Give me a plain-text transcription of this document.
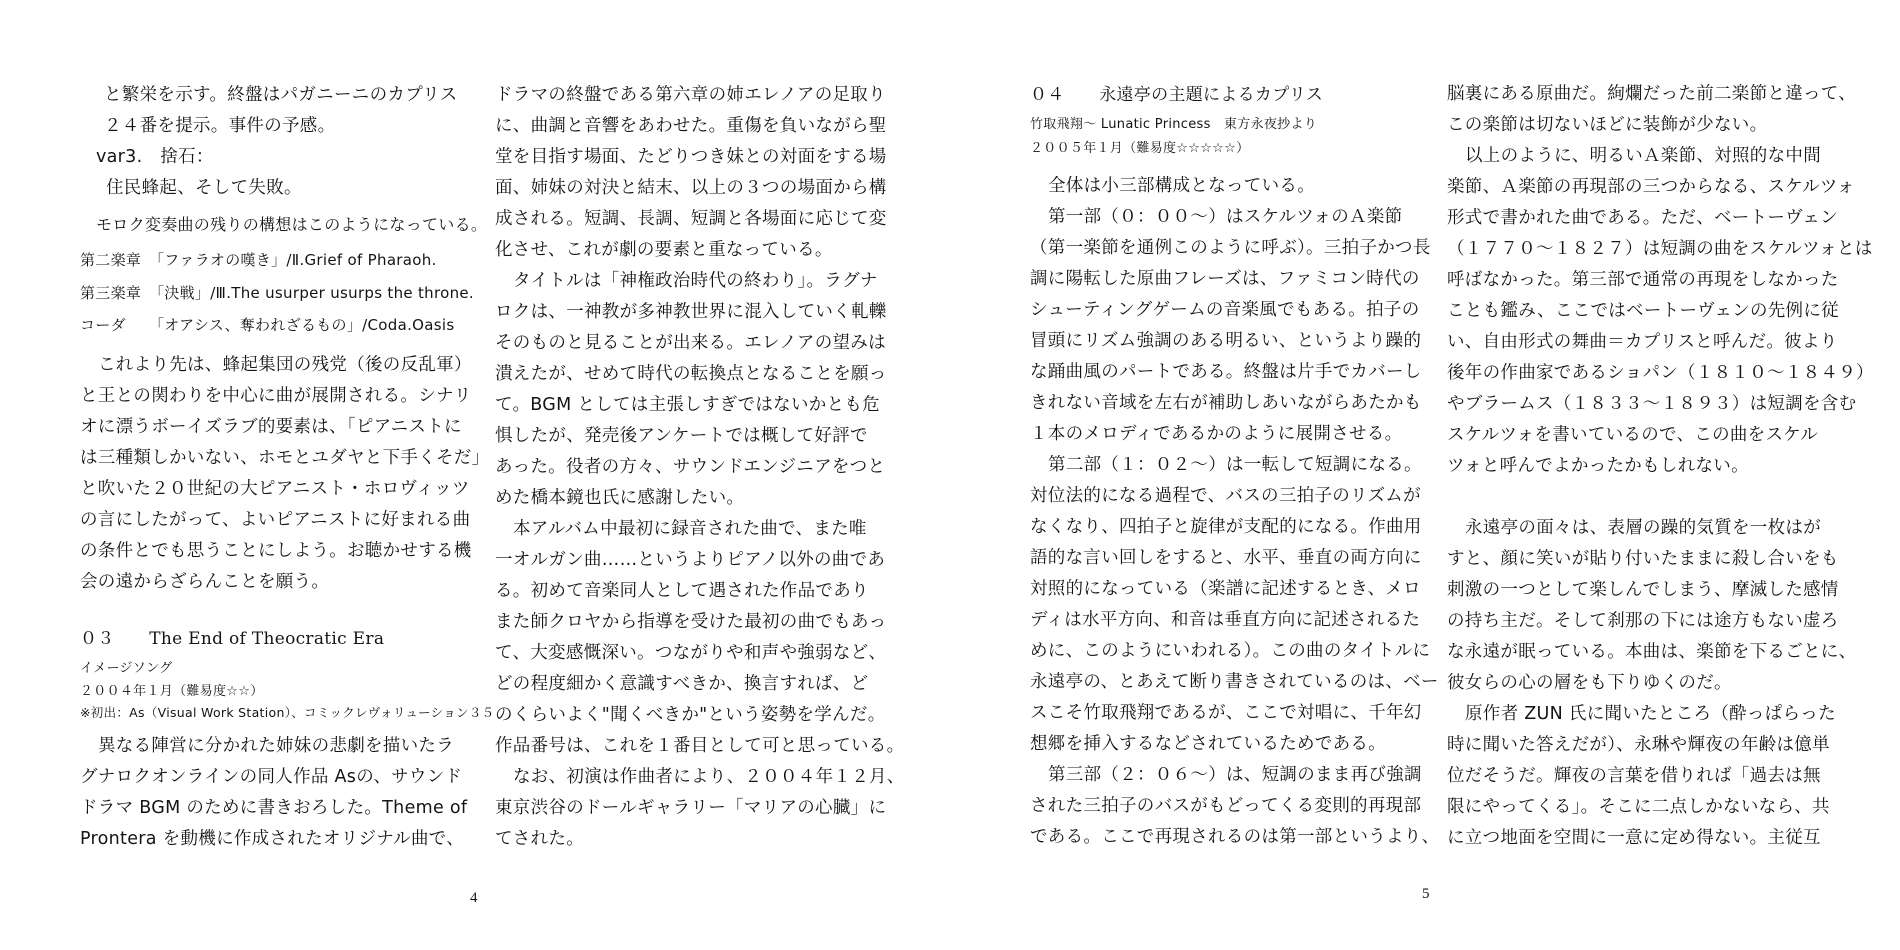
と繁栄を示す。終盤はパガニーニのカプリス
２４番を提示。事件の予感。
var3.　捨石：
住民蜂起、そして失敗。
モロク変奏曲の残りの構想はこのようになっている。
第二楽章　「ファラオの嘆き」/Ⅱ.Grief of Pharaoh.
第三楽章　「決戦」/Ⅲ.The usurper usurps the throne.
コーダ　　「オアシス、奪われざるもの」/Coda.Oasis
これより先は、蜂起集団の残党（後の反乱軍）
と王との関わりを中心に曲が展開される。シナリ
オに漂うボーイズラブ的要素は、「ピアニストに
は三種類しかいない、ホモとユダヤと下手くそだ」
と吹いた２０世紀の大ピアニスト・ホロヴィッツ
の言にしたがって、よいピアニストに好まれる曲
の条件とでも思うことにしよう。お聴かせする機
会の遠からざらんことを願う。
０３　　The End of Theocratic Era
イメージソング
２００４年１月（難易度☆☆）
※初出：As（Visual Work Station）、コミックレヴォリューション３５
異なる陣営に分かれた姉妹の悲劇を描いたラ
グナロクオンラインの同人作品 Asの、サウンド
ドラマ BGM のために書きおろした。Theme of
Prontera を動機に作成されたオリジナル曲で、
ドラマの終盤である第六章の姉エレノアの足取り
に、曲調と音響をあわせた。重傷を負いながら聖
堂を目指す場面、たどりつき妹との対面をする場
面、姉妹の対決と結末、以上の３つの場面から構
成される。短調、長調、短調と各場面に応じて変
化させ、これが劇の要素と重なっている。
タイトルは「神権政治時代の終わり」。ラグナ
ロクは、一神教が多神教世界に混入していく軋轢
そのものと見ることが出来る。エレノアの望みは
潰えたが、せめて時代の転換点となることを願っ
て。BGM としては主張しすぎではないかとも危
惧したが、発売後アンケートでは概して好評で
あった。役者の方々、サウンドエンジニアをつと
めた橋本鏡也氏に感謝したい。
本アルバム中最初に録音された曲で、また唯
一オルガン曲……というよりピアノ以外の曲であ
る。初めて音楽同人として遇された作品であり
また師クロヤから指導を受けた最初の曲でもあっ
て、大変感慨深い。つながりや和声や強弱など、
どの程度細かく意識すべきか、換言すれば、ど
のくらいよく"聞くべきか"という姿勢を学んだ。
作品番号は、これを１番目として可と思っている。
なお、初演は作曲者により、２００４年１２月、
東京渋谷のドールギャラリー「マリアの心臓」に
てされた。
4
０４　　永遠亭の主題によるカプリス
竹取飛翔～ Lunatic Princess　東方永夜抄より
２００５年１月（難易度☆☆☆☆☆）
全体は小三部構成となっている。
第一部（０：００～）はスケルツォのＡ楽節
（第一楽節を通例このように呼ぶ）。三拍子かつ長
調に陽転した原曲フレーズは、ファミコン時代の
シューティングゲームの音楽風でもある。拍子の
冒頭にリズム強調のある明るい、というより躁的
な踊曲風のパートである。終盤は片手でカバーし
きれない音域を左右が補助しあいながらあたかも
１本のメロディであるかのように展開させる。
第二部（１：０２～）は一転して短調になる。
対位法的になる過程で、バスの三拍子のリズムが
なくなり、四拍子と旋律が支配的になる。作曲用
語的な言い回しをすると、水平、垂直の両方向に
対照的になっている（楽譜に記述するとき、メロ
ディは水平方向、和音は垂直方向に記述されるた
めに、このようにいわれる）。この曲のタイトルに
永遠亭の、とあえて断り書きされているのは、ベー
スこそ竹取飛翔であるが、ここで対唱に、千年幻
想郷を挿入するなどされているためである。
第三部（２：０６～）は、短調のまま再び強調
された三拍子のバスがもどってくる変則的再現部
である。ここで再現されるのは第一部というより、
脳裏にある原曲だ。絢爛だった前二楽節と違って、
この楽節は切ないほどに装飾が少ない。
以上のように、明るいＡ楽節、対照的な中間
楽節、Ａ楽節の再現部の三つからなる、スケルツォ
形式で書かれた曲である。ただ、ベートーヴェン
（１７７０～１８２７）は短調の曲をスケルツォとは
呼ばなかった。第三部で通常の再現をしなかった
ことも鑑み、ここではベートーヴェンの先例に従
い、自由形式の舞曲＝カプリスと呼んだ。彼より
後年の作曲家であるショパン（１８１０～１８４９）
やブラームス（１８３３～１８９３）は短調を含む
スケルツォを書いているので、この曲をスケル
ツォと呼んでよかったかもしれない。
永遠亭の面々は、表層の躁的気質を一枚はが
すと、顔に笑いが貼り付いたままに殺し合いをも
刺激の一つとして楽しんでしまう、摩滅した感情
の持ち主だ。そして刹那の下には途方もない虚ろ
な永遠が眠っている。本曲は、楽節を下るごとに、
彼女らの心の層をも下りゆくのだ。
原作者 ZUN 氏に聞いたところ（酔っぱらった
時に聞いた答えだが）、永琳や輝夜の年齢は億単
位だそうだ。輝夜の言葉を借りれば「過去は無
限にやってくる」。そこに二点しかないなら、共
に立つ地面を空間に一意に定め得ない。主従互
5
